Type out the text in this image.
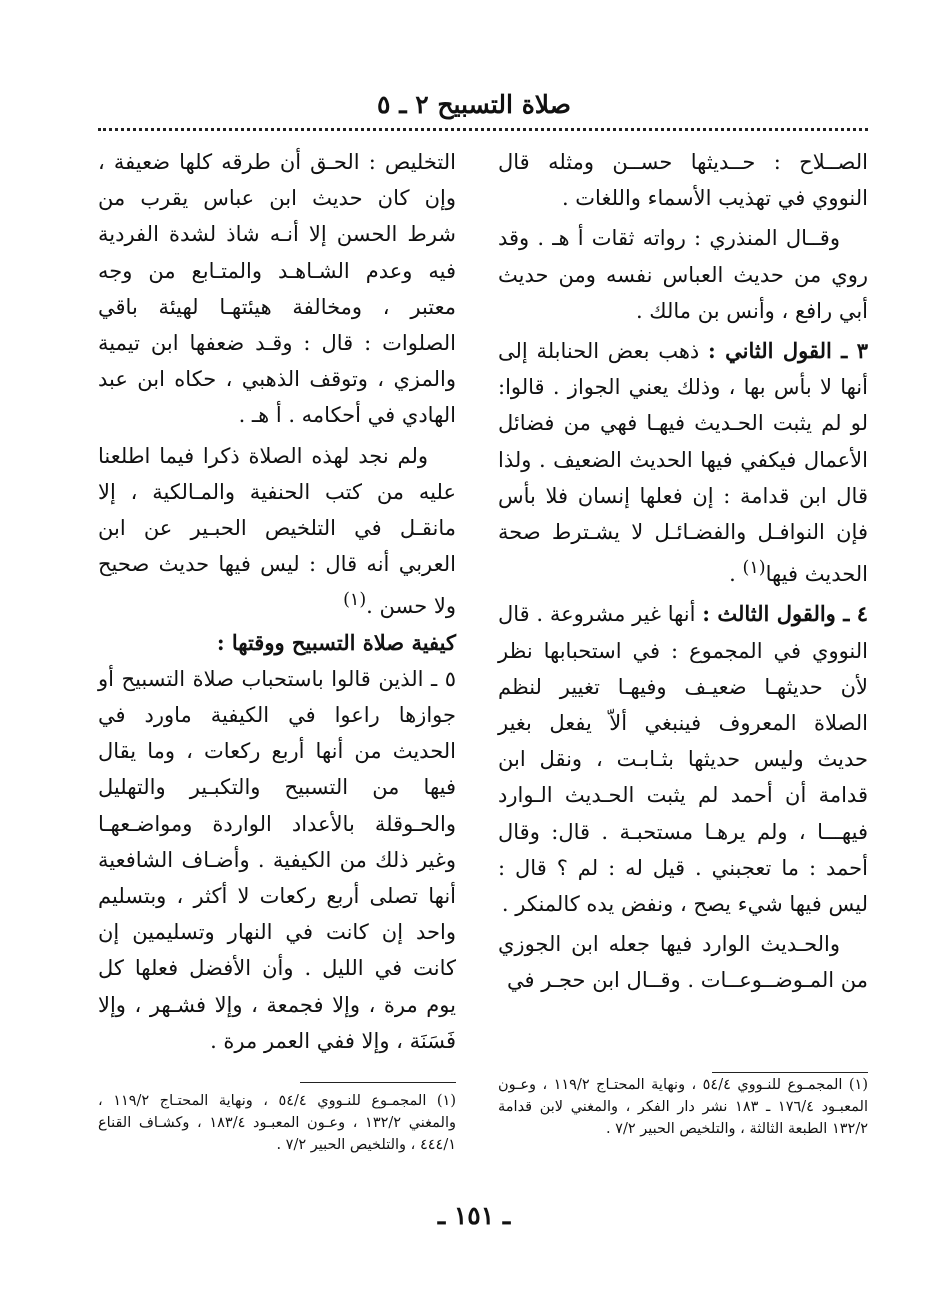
صلاة التسبيح ٢ ـ ٥

الصــلاح : حــديثها حســن ومثله قال النووي في تهذيب الأسماء واللغات .

وقــال المنذري : رواته ثقات أ هـ . وقد روي من حديث العباس نفسه ومن حديث أبي رافع ، وأنس بن مالك .

٣ ـ القول الثاني : ذهب بعض الحنابلة إلى أنها لا بأس بها ، وذلك يعني الجواز . قالوا: لو لم يثبت الحـديث فيهـا فهي من فضائل الأعمال فيكفي فيها الحديث الضعيف . ولذا قال ابن قدامة : إن فعلها إنسان فلا بأس فإن النوافـل والفضـائـل لا يشـترط صحة الحديث فيها$^{(١)}$ .

٤ ـ والقول الثالث : أنها غير مشروعة . قال النووي في المجموع : في استحبابها نظر لأن حديثهـا ضعيـف وفيهـا تغيير لنظم الصلاة المعروف فينبغي ألاّ يفعل بغير حديث وليس حديثها بثـابـت ، ونقل ابن قدامة أن أحمد لم يثبت الحـديث الـوارد فيهـــا ، ولم يرهـا مستحبـة . قال: وقال أحمد : ما تعجبني . قيل له : لم ؟ قال : ليس فيها شيء يصح ، ونفض يده كالمنكر .

والحـديث الوارد فيها جعله ابن الجوزي من المـوضــوعــات . وقــال ابن حجـر في

التخليص : الحـق أن طرقه كلها ضعيفة ، وإن كان حديث ابن عباس يقرب من شرط الحسن إلا أنـه شاذ لشدة الفردية فيه وعدم الشـاهـد والمتـابع من وجه معتبر ، ومخالفة هيئتهـا لهيئة باقي الصلوات : قال : وقـد ضعفها ابن تيمية والمزي ، وتوقف الذهبي ، حكاه ابن عبد الهادي في أحكامه . أ هـ .

ولم نجد لهذه الصلاة ذكرا فيما اطلعنا عليه من كتب الحنفية والمـالكية ، إلا مانقـل في التلخيص الحبـير عن ابن العربي أنه قال : ليس فيها حديث صحيح ولا حسن .$^{(١)}$

كيفية صلاة التسبيح ووقتها :

٥ ـ الذين قالوا باستحباب صلاة التسبيح أو جوازها راعوا في الكيفية ماورد في الحديث من أنها أربع ركعات ، وما يقال فيها من التسبيح والتكبـير والتهليل والحـوقلة بالأعداد الواردة ومواضـعهـا وغير ذلك من الكيفية . وأضـاف الشافعية أنها تصلى أربع ركعات لا أكثر ، وبتسليم واحد إن كانت في النهار وتسليمين إن كانت في الليل . وأن الأفضل فعلها كل يوم مرة ، وإلا فجمعة ، وإلا فشـهر ، وإلا فَسَنَة ، وإلا ففي العمر مرة .

(١) المجمـوع للنـووي ٥٤/٤ ، ونهاية المحتـاج ١١٩/٢ ، وعـون المعبـود ١٧٦/٤ ـ ١٨٣ نشر دار الفكر ، والمغني لابن قدامة ١٣٢/٢ الطبعة الثالثة ، والتلخيص الحبير ٧/٢ .
(١) المجمـوع للنـووي ٥٤/٤ ، ونهاية المحتـاج ١١٩/٢ ، والمغني ١٣٢/٢ ، وعـون المعبـود ١٨٣/٤ ، وكشـاف القناع ٤٤٤/١ ، والتلخيص الحبير ٧/٢ .
ـ ١٥١ ـ
